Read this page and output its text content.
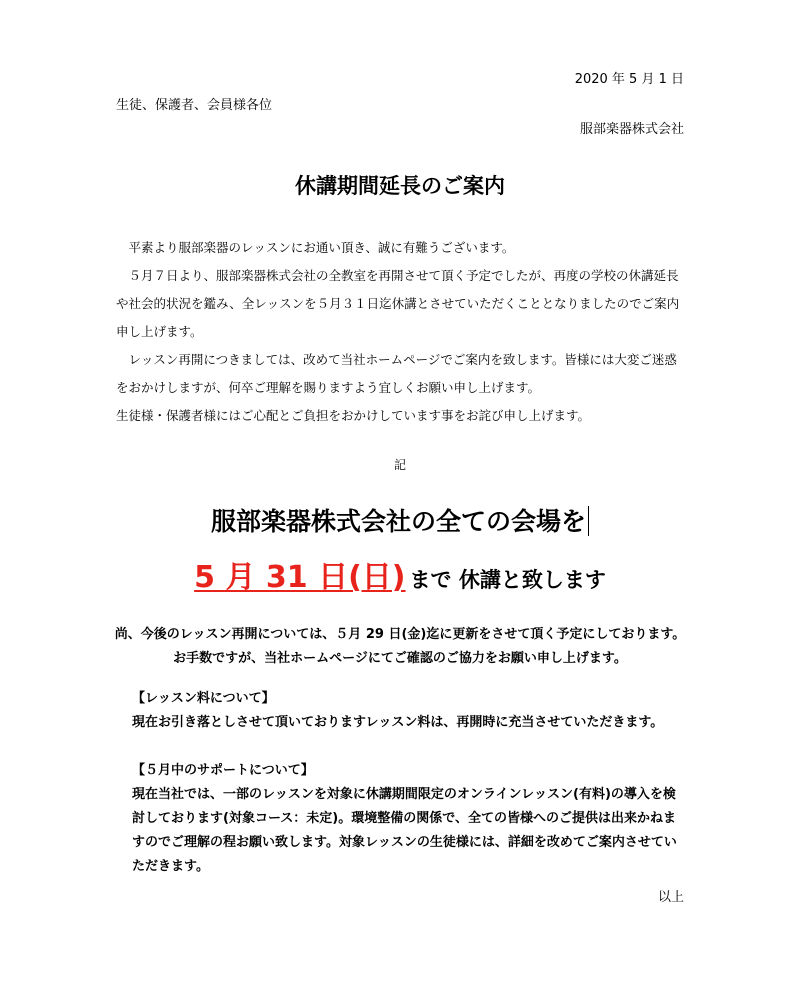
2020 年 5 月 1 日
生徒、保護者、会員様各位
服部楽器株式会社
休講期間延長のご案内

平素より服部楽器のレッスンにお通い頂き、誠に有難うございます。

５月７日より、服部楽器株式会社の全教室を再開させて頂く予定でしたが、再度の学校の休講延長や社会的状況を鑑み、全レッスンを５月３１日迄休講とさせていただくこととなりましたのでご案内申し上げます。

レッスン再開につきましては、改めて当社ホームページでご案内を致します。皆様には大変ご迷惑をおかけしますが、何卒ご理解を賜りますよう宜しくお願い申し上げます。

生徒様・保護者様にはご心配とご負担をおかけしています事をお詫び申し上げます。

記
服部楽器株式会社の全ての会場を
5 月 31 日(日) まで 休講と致します
尚、今後のレッスン再開については、５月 29 日(金)迄に更新をさせて頂く予定にしております。
お手数ですが、当社ホームページにてご確認のご協力をお願い申し上げます。

【レッスン料について】

現在お引き落としさせて頂いておりますレッスン料は、再開時に充当させていただきます。

【５月中のサポートについて】

現在当社では、一部のレッスンを対象に休講期間限定のオンラインレッスン(有料)の導入を検討しております(対象コース：未定)。環境整備の関係で、全ての皆様へのご提供は出来かねますのでご理解の程お願い致します。対象レッスンの生徒様には、詳細を改めてご案内させていただきます。

以上
